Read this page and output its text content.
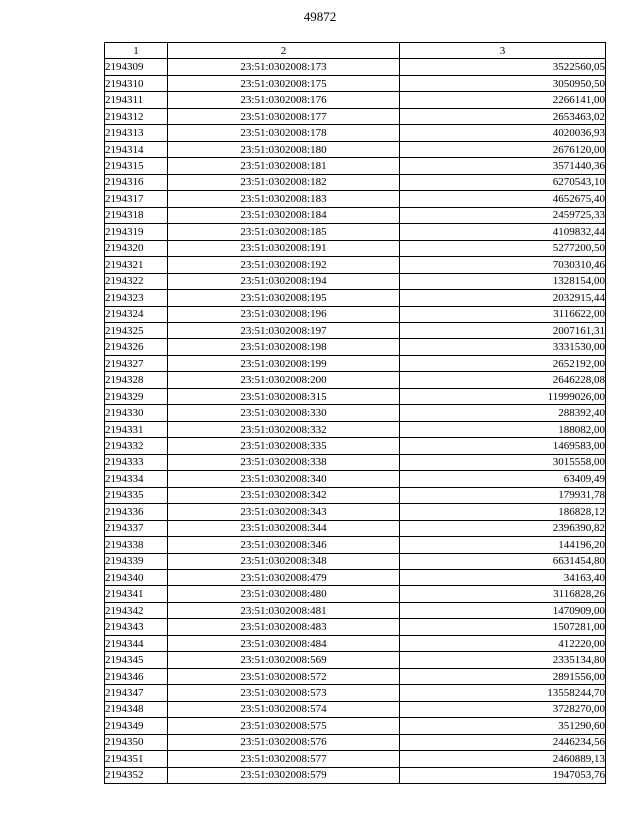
49872
1	2	3
2194309	23:51:0302008:173	3522560,05
2194310	23:51:0302008:175	3050950,50
2194311	23:51:0302008:176	2266141,00
2194312	23:51:0302008:177	2653463,02
2194313	23:51:0302008:178	4020036,93
2194314	23:51:0302008:180	2676120,00
2194315	23:51:0302008:181	3571440,36
2194316	23:51:0302008:182	6270543,10
2194317	23:51:0302008:183	4652675,40
2194318	23:51:0302008:184	2459725,33
2194319	23:51:0302008:185	4109832,44
2194320	23:51:0302008:191	5277200,50
2194321	23:51:0302008:192	7030310,46
2194322	23:51:0302008:194	1328154,00
2194323	23:51:0302008:195	2032915,44
2194324	23:51:0302008:196	3116622,00
2194325	23:51:0302008:197	2007161,31
2194326	23:51:0302008:198	3331530,00
2194327	23:51:0302008:199	2652192,00
2194328	23:51:0302008:200	2646228,08
2194329	23:51:0302008:315	11999026,00
2194330	23:51:0302008:330	288392,40
2194331	23:51:0302008:332	188082,00
2194332	23:51:0302008:335	1469583,00
2194333	23:51:0302008:338	3015558,00
2194334	23:51:0302008:340	63409,49
2194335	23:51:0302008:342	179931,78
2194336	23:51:0302008:343	186828,12
2194337	23:51:0302008:344	2396390,82
2194338	23:51:0302008:346	144196,20
2194339	23:51:0302008:348	6631454,80
2194340	23:51:0302008:479	34163,40
2194341	23:51:0302008:480	3116828,26
2194342	23:51:0302008:481	1470909,00
2194343	23:51:0302008:483	1507281,00
2194344	23:51:0302008:484	412220,00
2194345	23:51:0302008:569	2335134,80
2194346	23:51:0302008:572	2891556,00
2194347	23:51:0302008:573	13558244,70
2194348	23:51:0302008:574	3728270,00
2194349	23:51:0302008:575	351290,60
2194350	23:51:0302008:576	2446234,56
2194351	23:51:0302008:577	2460889,13
2194352	23:51:0302008:579	1947053,76
